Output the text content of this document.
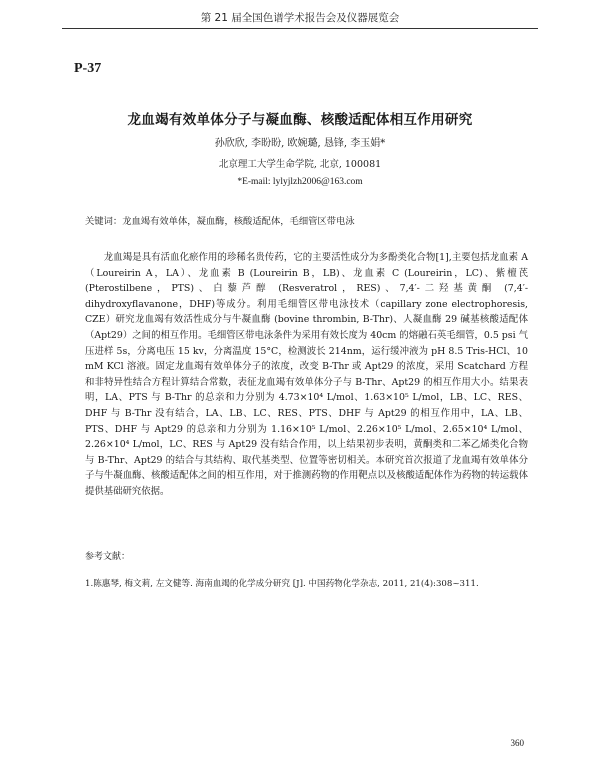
第 21 届全国色谱学术报告会及仪器展览会
P-37
龙血竭有效单体分子与凝血酶、核酸适配体相互作用研究
孙欣欣, 李盼盼, 欧婉璐, 恳锋, 李玉娟*
北京理工大学生命学院, 北京, 100081
*E-mail: lylyjlzh2006@163.com
关键词：龙血竭有效单体，凝血酶，核酸适配体，毛细管区带电泳
龙血竭是具有活血化瘀作用的珍稀名贵传药，它的主要活性成分为多酚类化合物[1],主要包括龙血素 A（Loureirin A，LA）、龙血素 B (Loureirin B，LB)、龙血素 C (Loureirin，LC)、紫檀芪 (Pterostilbene，PTS)、白藜芦醇 (Resveratrol，RES)、7,4′-二羟基黄酮 (7,4′-dihydroxyflavanone，DHF)等成分。利用毛细管区带电泳技术（capillary zone electrophoresis, CZE）研究龙血竭有效活性成分与牛凝血酶 (bovine thrombin, B-Thr)、人凝血酶 29 碱基核酸适配体（Apt29）之间的相互作用。毛细管区带电泳条件为采用有效长度为 40cm 的熔融石英毛细管，0.5 psi 气压进样 5s，分离电压 15 kv，分离温度 15°C，检测波长 214nm，运行缓冲液为 pH 8.5 Tris-HCl、10 mM KCl 溶液。固定龙血竭有效单体分子的浓度，改变 B-Thr 或 Apt29 的浓度，采用 Scatchard 方程和非特异性结合方程计算结合常数，表征龙血竭有效单体分子与 B-Thr、Apt29 的相互作用大小。结果表明，LA、PTS 与 B-Thr 的总亲和力分别为 4.73×10⁴ L/mol、1.63×10⁵ L/mol，LB、LC、RES、DHF 与 B-Thr 没有结合，LA、LB、LC、RES、PTS、DHF 与 Apt29 的相互作用中，LA、LB、PTS、DHF 与 Apt29 的总亲和力分别为 1.16×10⁵ L/mol、2.26×10⁵ L/mol、2.65×10⁴ L/mol、2.26×10⁴ L/mol，LC、RES 与 Apt29 没有结合作用，以上结果初步表明，黄酮类和二苯乙烯类化合物与 B-Thr、Apt29 的结合与其结构、取代基类型、位置等密切相关。本研究首次报道了龙血竭有效单体分子与牛凝血酶、核酸适配体之间的相互作用，对于推测药物的作用靶点以及核酸适配体作为药物的转运载体提供基础研究依据。
参考文献：
1.陈惠琴, 梅文莉, 左文健等. 海南血竭的化学成分研究 [J]. 中国药物化学杂志, 2011, 21(4):308~311.
360
